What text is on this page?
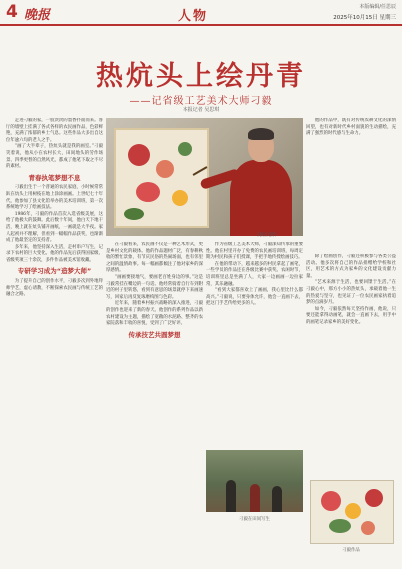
4 晚报	人物
本版编辑/任思辰
2025年10月15日 星期三
热炕头上绘丹青
——记省级工艺美术大师刁毅
本报记者 吴思琪

走进刁毅的家，一股淡淡的墨香扑面而来。客厅的墙壁上挂满了各式各样的农民画作品，色彩鲜艳，充满了浓郁的乡土气息。这些作品大多出自这位年逾六旬的老人之手。

“画了大半辈子，热炕头就是我的画室。”刁毅笑着说，他从小在农村长大，田间地头的劳作场景、四季更替的自然风光，都成了他笔下取之不尽的素材。

青春执笔梦想不息

刁毅出生于一个普通的农民家庭，小时候常常趴在炕头上用树枝在地上涂涂画画。上世纪七十年代，他参加了县文化馆举办的美术培训班，第一次系统地学习了绘画技法。

1986年，刁毅的作品首次入选省级美展，这给了他极大的鼓舞。此后数十年间，他白天下地干活，晚上就在炕头铺开画纸，一画就是大半夜。家人起初并不理解，但看到一幅幅作品获奖，也渐渐成了他最坚定的支持者。

多年来，他坚持深入生活，走村串户写生，记录下农村的巨大变化。他的作品先后获得国家级、省级奖项三十余次，多件作品被美术馆收藏。

专研学习成为“造梦大师”

为了提升自己的创作水平，刁毅多次到外地拜师学艺，虚心请教，不断探索农民画与传统工艺的融合之路。

刁毅在创作

在刁毅看来，农民画不仅是一种艺术形式，更是乡村文化的载体。他的作品题材广泛，有春耕秋收的繁忙景象，有节庆民俗的热闹场面，也有邻里之间的温情故事。每一幅画都倾注了他对家乡的深厚感情。

“画画要接地气，要画老百姓身边的事。”这是刁毅常挂在嘴边的一句话。他经常骑着自行车到附近的村子里转悠，看到有意思的场景就停下来画速写，回家后再反复琢磨构图与色彩。

近年来，随着乡村振兴战略的深入推进，刁毅的创作也迎来了新的春天。他创作的系列作品以新农村建设为主题，描绘了宽敞的水泥路、整齐的农家院落和丰收的喜悦，受到了广泛好评。

传承技艺共圆梦想

作为省级工艺美术大师，刁毅深知传承的重要性。他在村里开办了免费的农民画培训班，每周定期为村民和孩子们授课，手把手地传授绘画技巧。

在他的带动下，越来越多的村民拿起了画笔，一些学员的作品还在各级比赛中获奖。农闲时节，培训班里总是坐满了人，大家一边画画一边拉家常，其乐融融。

“看到大家都喜欢上了画画，我心里比什么都高兴。”刁毅说，只要身体允许，他会一直画下去，把这门手艺传给更多的人。

刁毅在田间写生

他的作品中，既有对传统农耕文化的深情回望，也有对新时代乡村面貌的生动描绘，充满了强烈的时代感与生命力。

除了绘画创作，刁毅还积极参与各类公益活动。他多次将自己的作品捐赠给学校和社区，用艺术的方式为家乡的文化建设贡献力量。

“艺术来源于生活，也要回馈于生活。”在刁毅心中，那方小小的热炕头，承载着他一生的热爱与坚守，也见证了一位农民画家执着追梦的点滴岁月。

如今，刁毅依然每天坚持作画，他说，只要还能拿得动画笔，就会一直画下去，用手中的画笔记录家乡的美好变化。

刁毅作品
